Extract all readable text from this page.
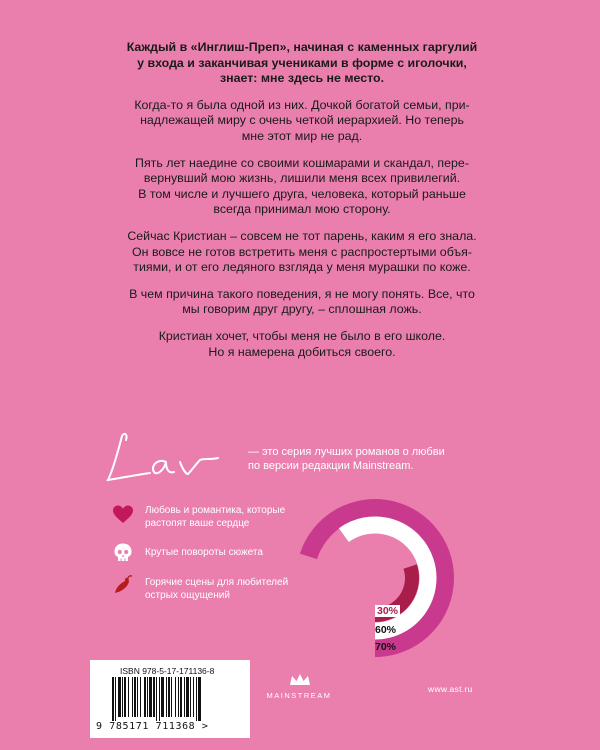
Каждый в «Инглиш-Преп», начиная с каменных гаргулий
у входа и заканчивая учениками в форме с иголочки,
знает: мне здесь не место.

Когда-то я была одной из них. Дочкой богатой семьи, при-
надлежащей миру с очень четкой иерархией. Но теперь
мне этот мир не рад.

Пять лет наедине со своими кошмарами и скандал, пере-
вернувший мою жизнь, лишили меня всех привилегий.
В том числе и лучшего друга, человека, который раньше
всегда принимал мою сторону.

Сейчас Кристиан – совсем не тот парень, каким я его знала.
Он вовсе не готов встретить меня с распростертыми объя-
тиями, и от его ледяного взгляда у меня мурашки по коже.

В чем причина такого поведения, я не могу понять. Все, что
мы говорим друг другу, – сплошная ложь.

Кристиан хочет, чтобы меня не было в его школе.
Но я намерена добиться своего.

— это серия лучших романов о любви
по версии редакции Mainstream.
Любовь и романтика, которые
растопят ваше сердце
Крутые повороты сюжета
Горячие сцены для любителей
острых ощущений
30%
60%
70%
ISBN 978-5-17-171136-8
9 785171 711368 >
MAINSTREAM
www.ast.ru
